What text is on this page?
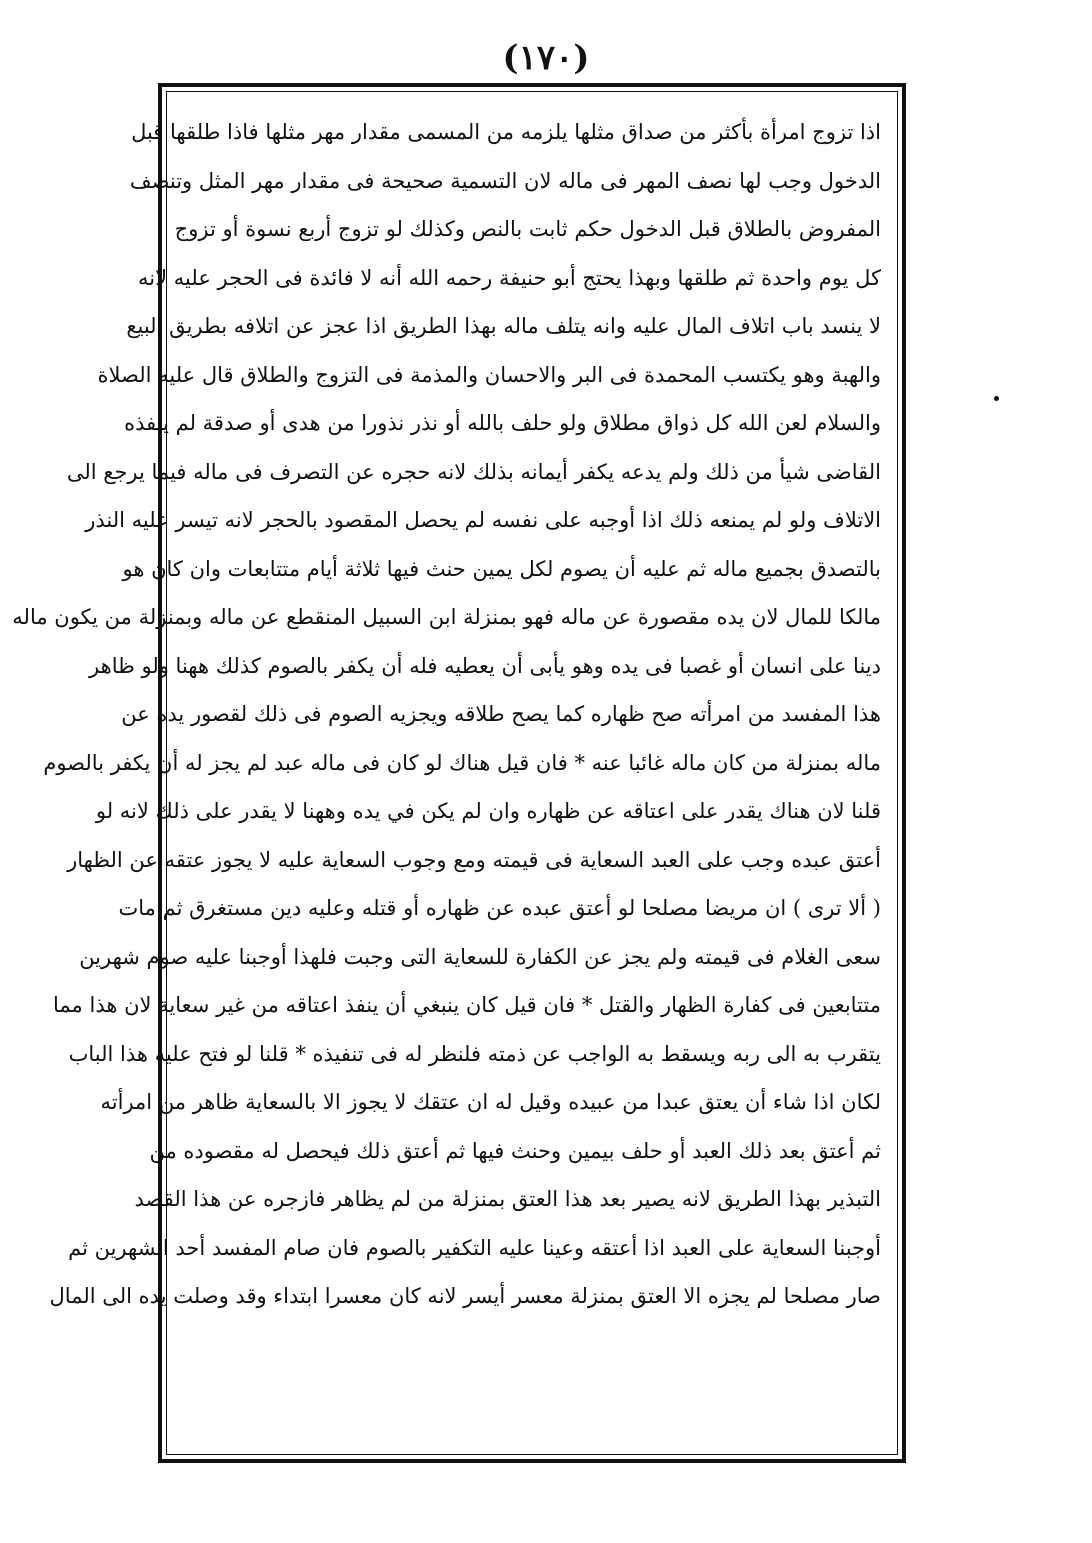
(١٧٠)
اذا تزوج امرأة بأكثر من صداق مثلها يلزمه من المسمى مقدار مهر مثلها فاذا طلقها قبل
الدخول وجب لها نصف المهر فى ماله لان التسمية صحيحة فى مقدار مهر المثل وتنصف
المفروض بالطلاق قبل الدخول حكم ثابت بالنص وكذلك لو تزوج أربع نسوة أو تزوج
كل يوم واحدة ثم طلقها وبهذا يحتج أبو حنيفة رحمه الله أنه لا فائدة فى الحجر عليه لانه
لا ينسد باب اتلاف المال عليه وانه يتلف ماله بهذا الطريق اذا عجز عن اتلافه بطريق البيع
والهبة وهو يكتسب المحمدة فى البر والاحسان والمذمة فى التزوج والطلاق قال عليه الصلاة
والسلام لعن الله كل ذواق مطلاق ولو حلف بالله أو نذر نذورا من هدى أو صدقة لم ينفذه
القاضى شيأ من ذلك ولم يدعه يكفر أيمانه بذلك لانه حجره عن التصرف فى ماله فيما يرجع الى
الاتلاف ولو لم يمنعه ذلك اذا أوجبه على نفسه لم يحصل المقصود بالحجر لانه تيسر عليه النذر
بالتصدق بجميع ماله ثم عليه أن يصوم لكل يمين حنث فيها ثلاثة أيام متتابعات وان كان هو
مالكا للمال لان يده مقصورة عن ماله فهو بمنزلة ابن السبيل المنقطع عن ماله وبمنزلة من يكون ماله
دينا على انسان أو غصبا فى يده وهو يأبى أن يعطيه فله أن يكفر بالصوم كذلك ههنا ولو ظاهر
هذا المفسد من امرأته صح ظهاره كما يصح طلاقه ويجزيه الصوم فى ذلك لقصور يده عن
ماله بمنزلة من كان ماله غائبا عنه * فان قيل هناك لو كان فى ماله عبد لم يجز له أن يكفر بالصوم
قلنا لان هناك يقدر على اعتاقه عن ظهاره وان لم يكن في يده وههنا لا يقدر على ذلك لانه لو
أعتق عبده وجب على العبد السعاية فى قيمته ومع وجوب السعاية عليه لا يجوز عتقه عن الظهار
( ألا ترى ) ان مريضا مصلحا لو أعتق عبده عن ظهاره أو قتله وعليه دين مستغرق ثم مات
سعى الغلام فى قيمته ولم يجز عن الكفارة للسعاية التى وجبت فلهذا أوجبنا عليه صوم شهرين
متتابعين فى كفارة الظهار والقتل * فان قيل كان ينبغي أن ينفذ اعتاقه من غير سعاية لان هذا مما
يتقرب به الى ربه ويسقط به الواجب عن ذمته فلنظر له فى تنفيذه * قلنا لو فتح عليه هذا الباب
لكان اذا شاء أن يعتق عبدا من عبيده وقيل له ان عتقك لا يجوز الا بالسعاية ظاهر من امرأته
ثم أعتق بعد ذلك العبد أو حلف بيمين وحنث فيها ثم أعتق ذلك فيحصل له مقصوده من
التبذير بهذا الطريق لانه يصير بعد هذا العتق بمنزلة من لم يظاهر فازجره عن هذا القصد
أوجبنا السعاية على العبد اذا أعتقه وعينا عليه التكفير بالصوم فان صام المفسد أحد الشهرين ثم
صار مصلحا لم يجزه الا العتق بمنزلة معسر أيسر لانه كان معسرا ابتداء وقد وصلت يده الى المال
